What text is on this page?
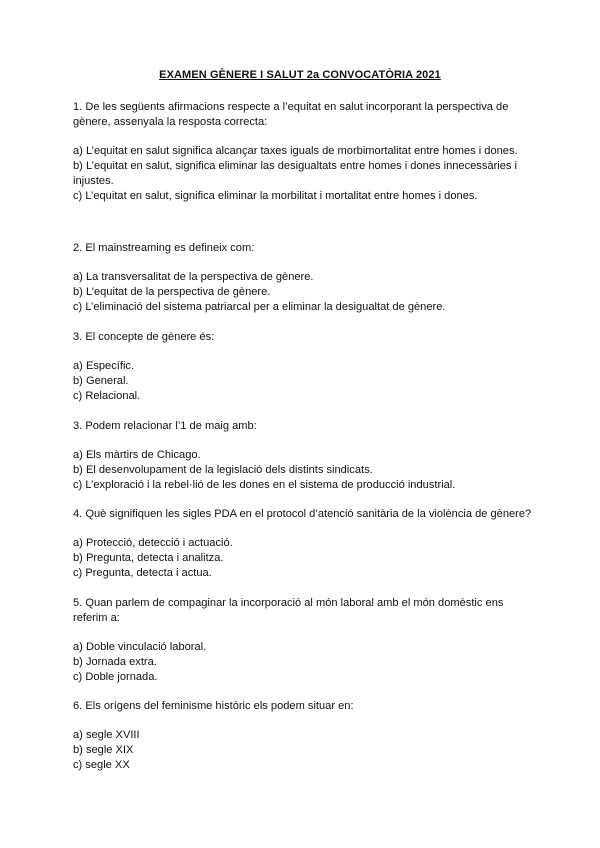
EXAMEN GÈNERE I SALUT 2a CONVOCATÒRIA 2021

1. De les següents afirmacions respecte a l’equitat en salut incorporant la perspectiva de gènere, assenyala la resposta correcta:

a) L’equitat en salut significa alcançar taxes iguals de morbimortalitat entre homes i dones.
b) L’equitat en salut, significa eliminar las desigualtats entre homes i dones innecessàries i injustes.
c) L’equitat en salut, significa eliminar la morbilitat i mortalitat entre homes i dones.

2. El mainstreaming es defineix com:

a) La transversalitat de la perspectiva de gènere.
b) L’equitat de la perspectiva de gènere.
c) L’eliminació del sistema patriarcal per a eliminar la desigualtat de gènere.

3. El concepte de gènere és:

a) Específic.
b) General.
c) Relacional.

3. Podem relacionar l’1 de maig amb:

a) Els màrtirs de Chicago.
b) El desenvolupament de la legislació dels distints sindicats.
c) L’exploració i la rebel·lió de les dones en el sistema de producció industrial.

4. Què signifiquen les sigles PDA en el protocol d’atenció sanitària de la violència de gènere?

a) Protecció, detecció i actuació.
b) Pregunta, detecta i analitza.
c) Pregunta, detecta i actua.

5. Quan parlem de compaginar la incorporació al món laboral amb el món domèstic ens referim a:

a) Doble vinculació laboral.
b) Jornada extra.
c) Doble jornada.

6. Els orígens del feminisme històric els podem situar en:

a) segle XVIII
b) segle XIX
c) segle XX
